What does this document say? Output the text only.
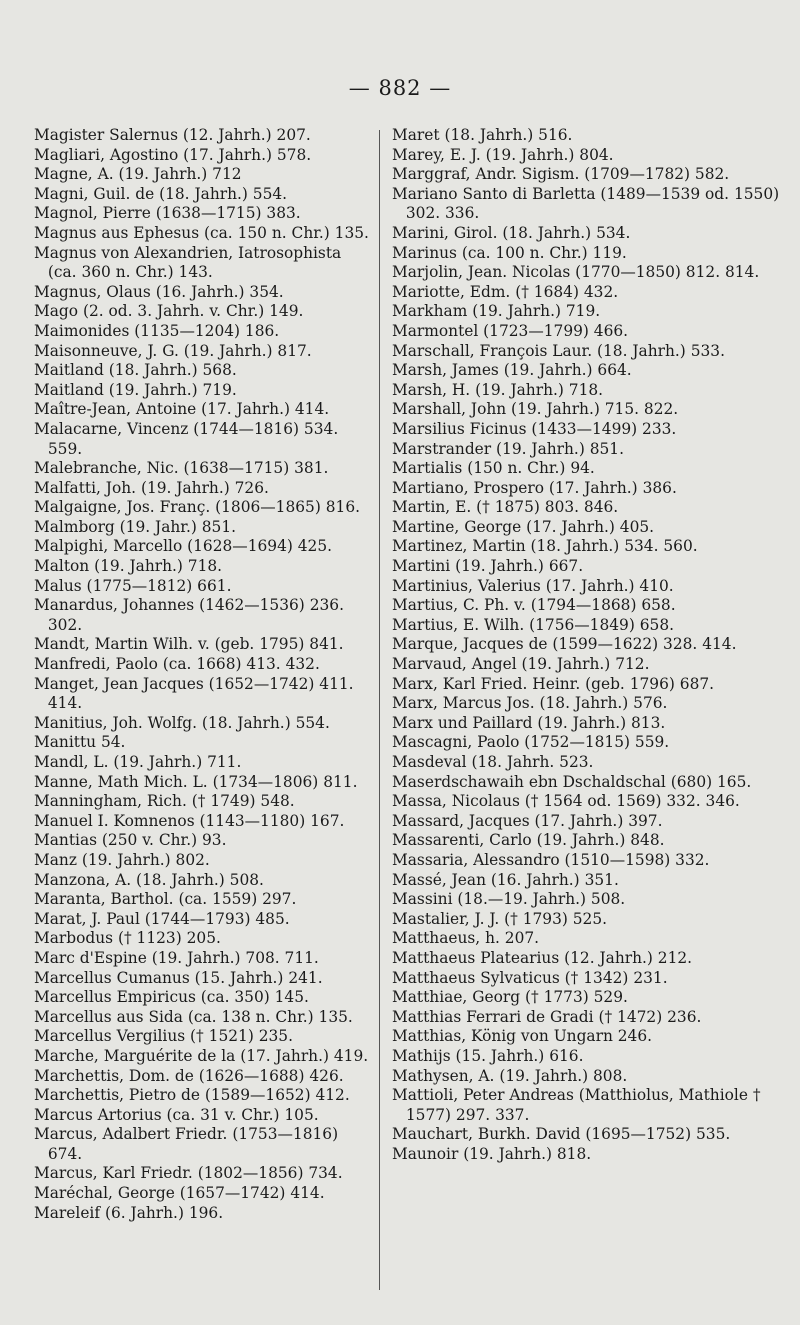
— 882 —
Magister Salernus (12. Jahrh.) 207.
Magliari, Agostino (17. Jahrh.) 578.
Magne, A. (19. Jahrh.) 712
Magni, Guil. de (18. Jahrh.) 554.
Magnol, Pierre (1638—1715) 383.
Magnus aus Ephesus (ca. 150 n. Chr.) 135.
Magnus von Alexandrien, Iatrosophista (ca. 360 n. Chr.) 143.
Magnus, Olaus (16. Jahrh.) 354.
Mago (2. od. 3. Jahrh. v. Chr.) 149.
Maimonides (1135—1204) 186.
Maisonneuve, J. G. (19. Jahrh.) 817.
Maitland (18. Jahrh.) 568.
Maitland (19. Jahrh.) 719.
Maître-Jean, Antoine (17. Jahrh.) 414.
Malacarne, Vincenz (1744—1816) 534. 559.
Malebranche, Nic. (1638—1715) 381.
Malfatti, Joh. (19. Jahrh.) 726.
Malgaigne, Jos. Franç. (1806—1865) 816.
Malmborg (19. Jahr.) 851.
Malpighi, Marcello (1628—1694) 425.
Malton (19. Jahrh.) 718.
Malus (1775—1812) 661.
Manardus, Johannes (1462—1536) 236. 302.
Mandt, Martin Wilh. v. (geb. 1795) 841.
Manfredi, Paolo (ca. 1668) 413. 432.
Manget, Jean Jacques (1652—1742) 411. 414.
Manitius, Joh. Wolfg. (18. Jahrh.) 554.
Manittu 54.
Mandl, L. (19. Jahrh.) 711.
Manne, Math Mich. L. (1734—1806) 811.
Manningham, Rich. († 1749) 548.
Manuel I. Komnenos (1143—1180) 167.
Mantias (250 v. Chr.) 93.
Manz (19. Jahrh.) 802.
Manzona, A. (18. Jahrh.) 508.
Maranta, Barthol. (ca. 1559) 297.
Marat, J. Paul (1744—1793) 485.
Marbodus († 1123) 205.
Marc d'Espine (19. Jahrh.) 708. 711.
Marcellus Cumanus (15. Jahrh.) 241.
Marcellus Empiricus (ca. 350) 145.
Marcellus aus Sida (ca. 138 n. Chr.) 135.
Marcellus Vergilius († 1521) 235.
Marche, Marguérite de la (17. Jahrh.) 419.
Marchettis, Dom. de (1626—1688) 426.
Marchettis, Pietro de (1589—1652) 412.
Marcus Artorius (ca. 31 v. Chr.) 105.
Marcus, Adalbert Friedr. (1753—1816) 674.
Marcus, Karl Friedr. (1802—1856) 734.
Maréchal, George (1657—1742) 414.
Mareleif (6. Jahrh.) 196.
Maret (18. Jahrh.) 516.
Marey, E. J. (19. Jahrh.) 804.
Marggraf, Andr. Sigism. (1709—1782) 582.
Mariano Santo di Barletta (1489—1539 od. 1550) 302. 336.
Marini, Girol. (18. Jahrh.) 534.
Marinus (ca. 100 n. Chr.) 119.
Marjolin, Jean. Nicolas (1770—1850) 812. 814.
Mariotte, Edm. († 1684) 432.
Markham (19. Jahrh.) 719.
Marmontel (1723—1799) 466.
Marschall, François Laur. (18. Jahrh.) 533.
Marsh, James (19. Jahrh.) 664.
Marsh, H. (19. Jahrh.) 718.
Marshall, John (19. Jahrh.) 715. 822.
Marsilius Ficinus (1433—1499) 233.
Marstrander (19. Jahrh.) 851.
Martialis (150 n. Chr.) 94.
Martiano, Prospero (17. Jahrh.) 386.
Martin, E. († 1875) 803. 846.
Martine, George (17. Jahrh.) 405.
Martinez, Martin (18. Jahrh.) 534. 560.
Martini (19. Jahrh.) 667.
Martinius, Valerius (17. Jahrh.) 410.
Martius, C. Ph. v. (1794—1868) 658.
Martius, E. Wilh. (1756—1849) 658.
Marque, Jacques de (1599—1622) 328. 414.
Marvaud, Angel (19. Jahrh.) 712.
Marx, Karl Fried. Heinr. (geb. 1796) 687.
Marx, Marcus Jos. (18. Jahrh.) 576.
Marx und Paillard (19. Jahrh.) 813.
Mascagni, Paolo (1752—1815) 559.
Masdeval (18. Jahrh. 523.
Maserdschawaih ebn Dschaldschal (680) 165.
Massa, Nicolaus († 1564 od. 1569) 332. 346.
Massard, Jacques (17. Jahrh.) 397.
Massarenti, Carlo (19. Jahrh.) 848.
Massaria, Alessandro (1510—1598) 332.
Massé, Jean (16. Jahrh.) 351.
Massini (18.—19. Jahrh.) 508.
Mastalier, J. J. († 1793) 525.
Matthaeus, h. 207.
Matthaeus Platearius (12. Jahrh.) 212.
Matthaeus Sylvaticus († 1342) 231.
Matthiae, Georg († 1773) 529.
Matthias Ferrari de Gradi († 1472) 236.
Matthias, König von Ungarn 246.
Mathijs (15. Jahrh.) 616.
Mathysen, A. (19. Jahrh.) 808.
Mattioli, Peter Andreas (Matthiolus, Mathiole † 1577) 297. 337.
Mauchart, Burkh. David (1695—1752) 535.
Maunoir (19. Jahrh.) 818.
